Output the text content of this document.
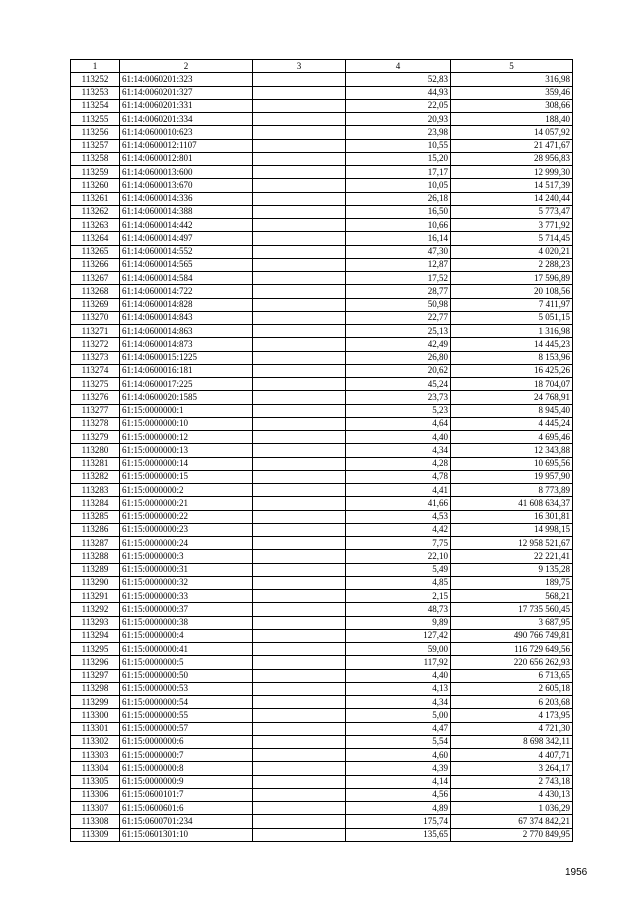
1	2	3	4	5
113252	61:14:0060201:323		52,83	316,98
113253	61:14:0060201:327		44,93	359,46
113254	61:14:0060201:331		22,05	308,66
113255	61:14:0060201:334		20,93	188,40
113256	61:14:0600010:623		23,98	14 057,92
113257	61:14:0600012:1107		10,55	21 471,67
113258	61:14:0600012:801		15,20	28 956,83
113259	61:14:0600013:600		17,17	12 999,30
113260	61:14:0600013:670		10,05	14 517,39
113261	61:14:0600014:336		26,18	14 240,44
113262	61:14:0600014:388		16,50	5 773,47
113263	61:14:0600014:442		10,66	3 771,92
113264	61:14:0600014:497		16,14	5 714,45
113265	61:14:0600014:552		47,30	4 020,21
113266	61:14:0600014:565		12,87	2 288,23
113267	61:14:0600014:584		17,52	17 596,89
113268	61:14:0600014:722		28,77	20 108,56
113269	61:14:0600014:828		50,98	7 411,97
113270	61:14:0600014:843		22,77	5 051,15
113271	61:14:0600014:863		25,13	1 316,98
113272	61:14:0600014:873		42,49	14 445,23
113273	61:14:0600015:1225		26,80	8 153,96
113274	61:14:0600016:181		20,62	16 425,26
113275	61:14:0600017:225		45,24	18 704,07
113276	61:14:0600020:1585		23,73	24 768,91
113277	61:15:0000000:1		5,23	8 945,40
113278	61:15:0000000:10		4,64	4 445,24
113279	61:15:0000000:12		4,40	4 695,46
113280	61:15:0000000:13		4,34	12 343,88
113281	61:15:0000000:14		4,28	10 695,56
113282	61:15:0000000:15		4,78	19 957,90
113283	61:15:0000000:2		4,41	8 773,89
113284	61:15:0000000:21		41,66	41 608 634,37
113285	61:15:0000000:22		4,53	16 301,81
113286	61:15:0000000:23		4,42	14 998,15
113287	61:15:0000000:24		7,75	12 958 521,67
113288	61:15:0000000:3		22,10	22 221,41
113289	61:15:0000000:31		5,49	9 135,28
113290	61:15:0000000:32		4,85	189,75
113291	61:15:0000000:33		2,15	568,21
113292	61:15:0000000:37		48,73	17 735 560,45
113293	61:15:0000000:38		9,89	3 687,95
113294	61:15:0000000:4		127,42	490 766 749,81
113295	61:15:0000000:41		59,00	116 729 649,56
113296	61:15:0000000:5		117,92	220 656 262,93
113297	61:15:0000000:50		4,40	6 713,65
113298	61:15:0000000:53		4,13	2 605,18
113299	61:15:0000000:54		4,34	6 203,68
113300	61:15:0000000:55		5,00	4 173,95
113301	61:15:0000000:57		4,47	4 721,30
113302	61:15:0000000:6		5,54	8 698 342,11
113303	61:15:0000000:7		4,60	4 407,71
113304	61:15:0000000:8		4,39	3 264,17
113305	61:15:0000000:9		4,14	2 743,18
113306	61:15:0600101:7		4,56	4 430,13
113307	61:15:0600601:6		4,89	1 036,29
113308	61:15:0600701:234		175,74	67 374 842,21
113309	61:15:0601301:10		135,65	2 770 849,95
1956
